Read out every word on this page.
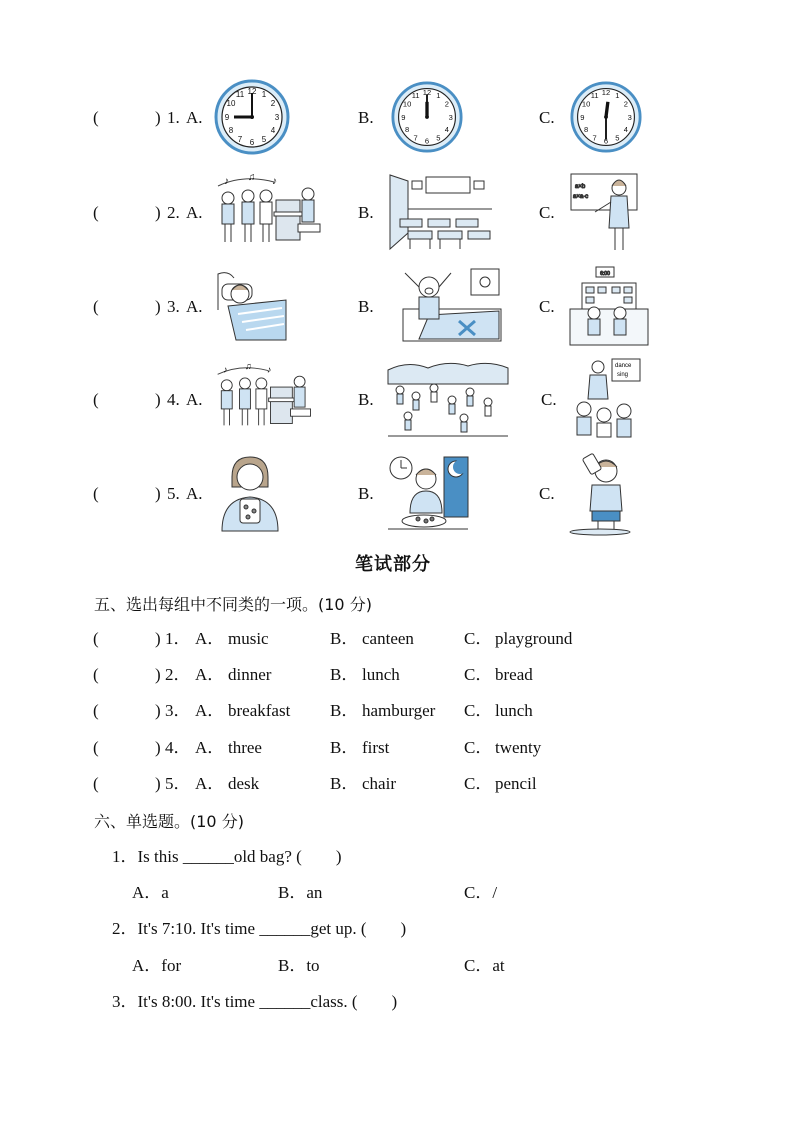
(	) 1. A.	B.	C.
12 1
2
3
4
5
6
7
8
9
10
11	12 1
2
3
4
5
6
7
8
9
10
11	12 1
2
3
4
5
6
7
8
9
10
11
(	) 2. A.	B.	C.
♪ ♫ ♪	a×b
a×a·c
(	) 3. A.	B.	C.
6:00
(	) 4. A.	B.	C.
♪ ♫ ♪	dance
sing
(	) 5. A.	B.	C.
笔试部分
五、选出每组中不同类的一项。(10 分)
(	) 1． A． music	B． canteen	C． playground
(	) 2． A． dinner	B． lunch	C． bread
(	) 3． A． breakfast B． hamburger C． lunch
(	) 4． A． three	B． first	C． twenty
(	) 5． A． desk	B． chair	C． pencil
六、单选题。(10 分)
1．Is this ______old bag? (　　)
A．a	B．an	C．/
2．It's 7:10. It's time ______get up. (　　)
A．for	B．to	C．at
3．It's 8:00. It's time ______class. (　　)
